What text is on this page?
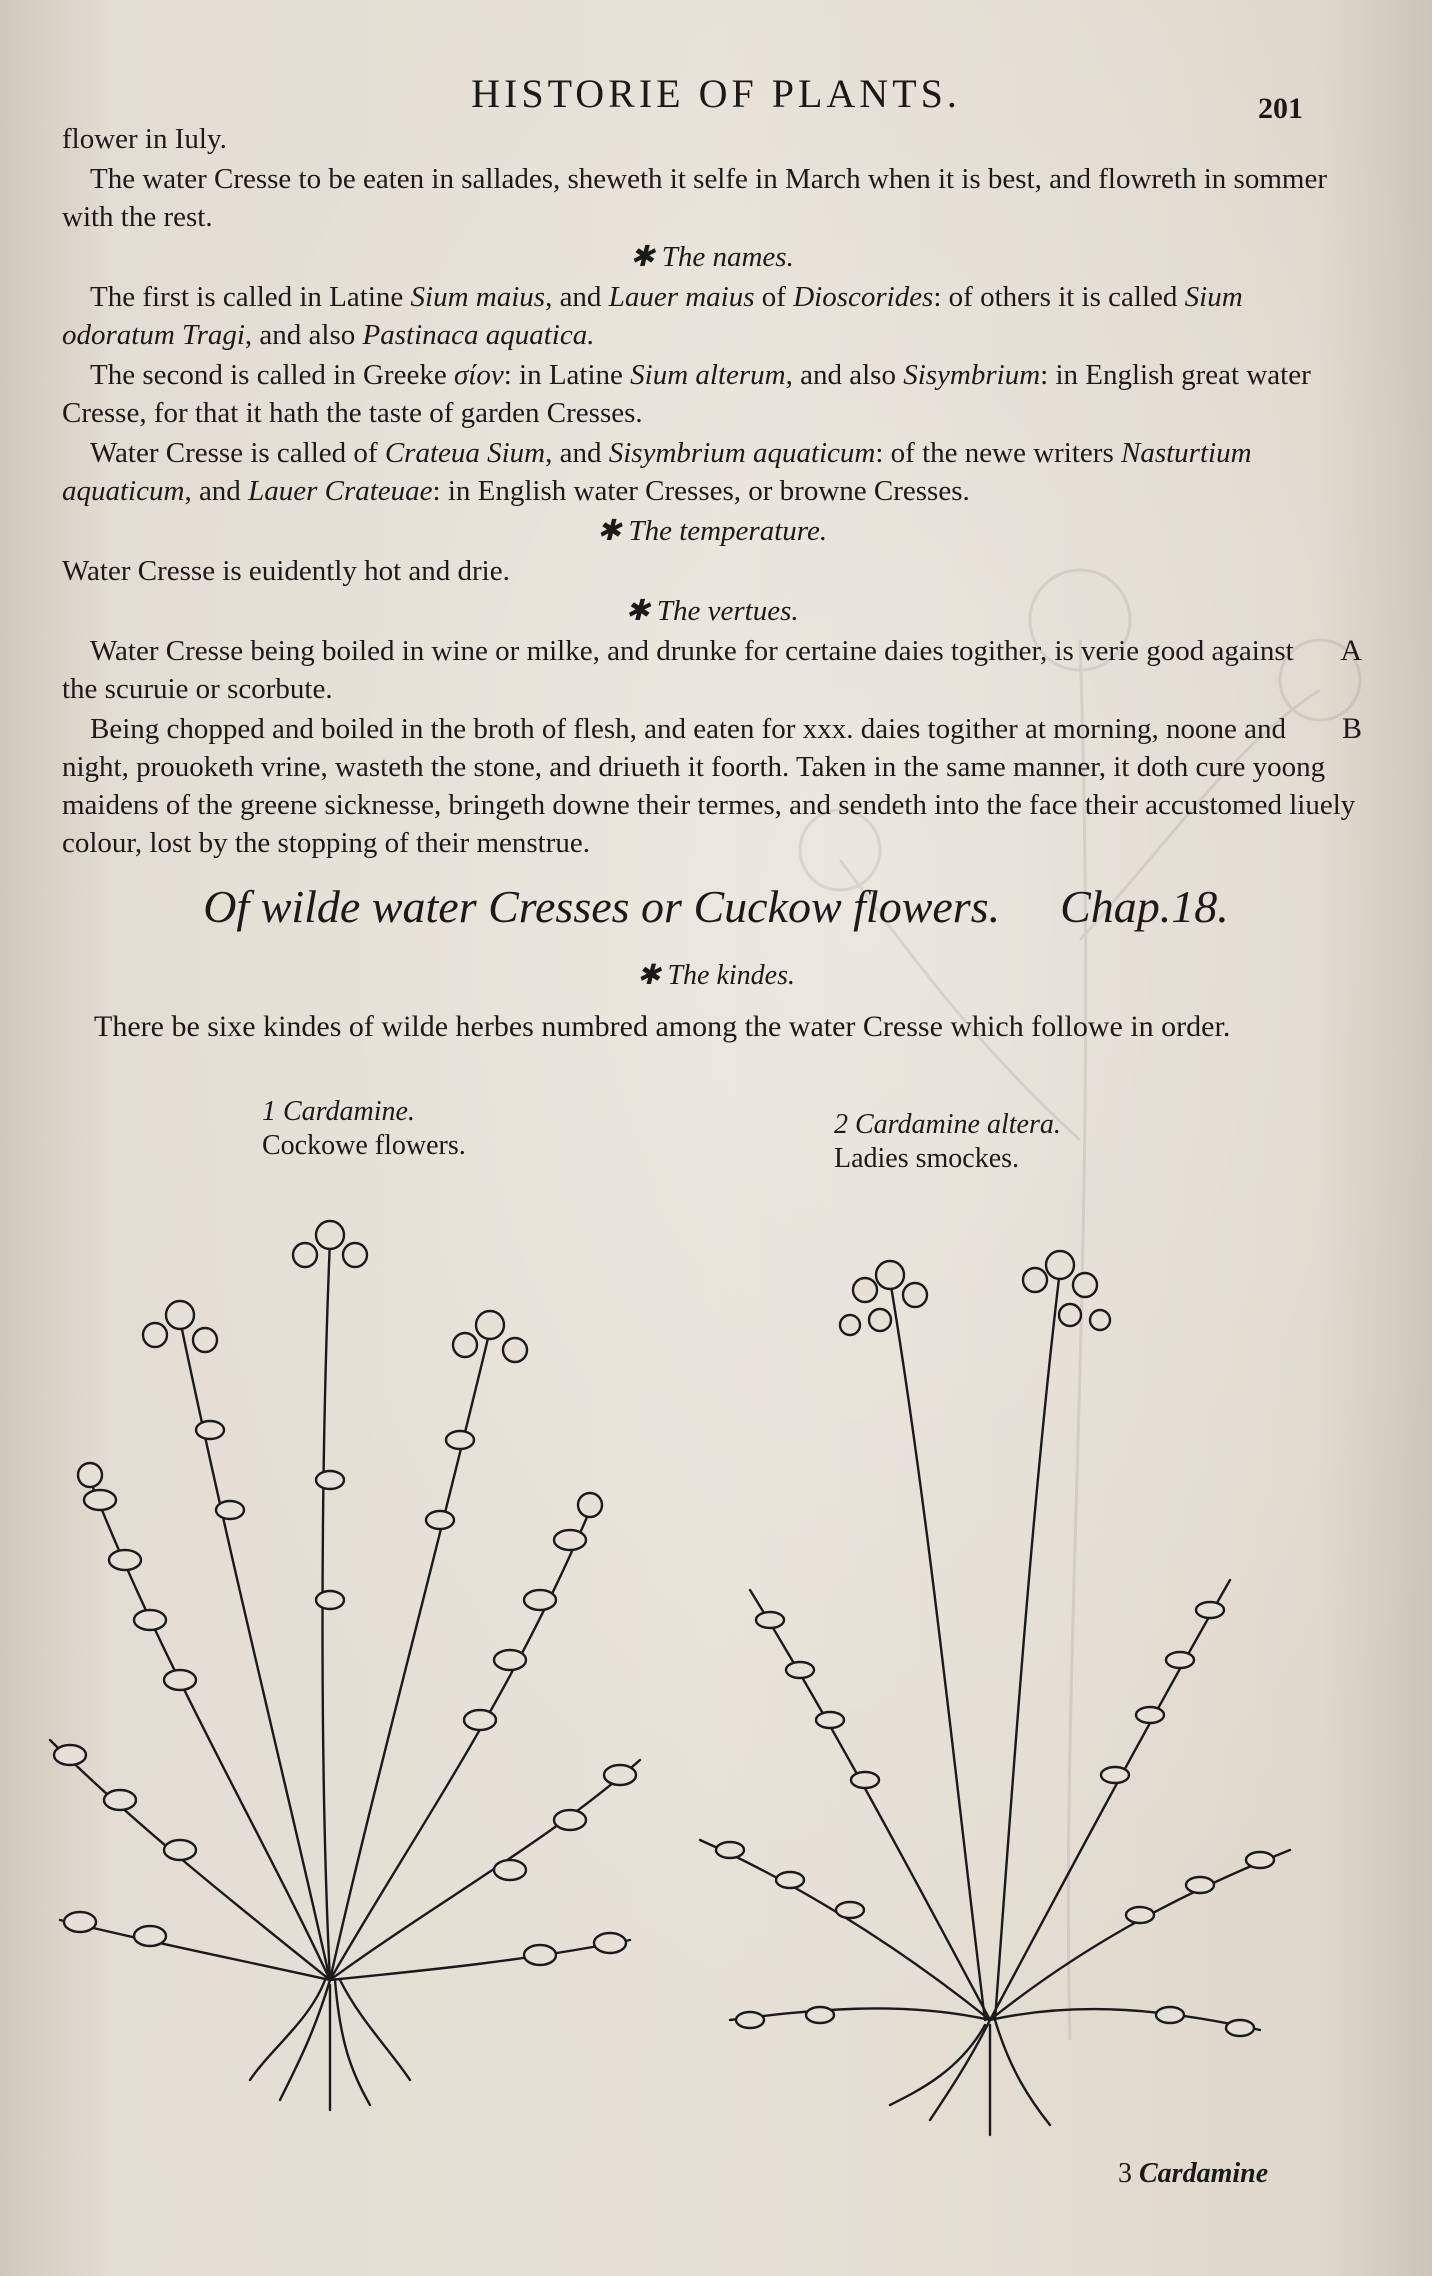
HISTORIE OF PLANTS.	201

flower in Iuly.

The water Cresse to be eaten in sallades, sheweth it selfe in March when it is best, and flowreth in sommer with the rest.

✱ The names.

The first is called in Latine Sium maius, and Lauer maius of Dioscorides: of others it is called Sium odoratum Tragi, and also Pastinaca aquatica.

The second is called in Greeke σίον: in Latine Sium alterum, and also Sisymbrium: in English great water Cresse, for that it hath the taste of garden Cresses.

Water Cresse is called of Crateua Sium, and Sisymbrium aquaticum: of the newe writers Nasturtium aquaticum, and Lauer Crateuae: in English water Cresses, or browne Cresses.

✱ The temperature.

Water Cresse is euidently hot and drie.

✱ The vertues.

A
Water Cresse being boiled in wine or milke, and drunke for certaine daies togither, is verie good against the scuruie or scorbute.

B
Being chopped and boiled in the broth of flesh, and eaten for xxx. daies togither at morning, noone and night, prouoketh vrine, wasteth the stone, and driueth it foorth. Taken in the same manner, it doth cure yoong maidens of the greene sicknesse, bringeth downe their termes, and sendeth into the face their accustomed liuely colour, lost by the stopping of their menstrue.

Of wilde water Cresses or Cuckow flowers. Chap.18.
✱ The kindes.
There be sixe kindes of wilde herbes numbred among the water Cresse which followe in order.
1 Cardamine.
Cockowe flowers.
2 Cardamine altera.
Ladies smockes.
3 Cardamine
